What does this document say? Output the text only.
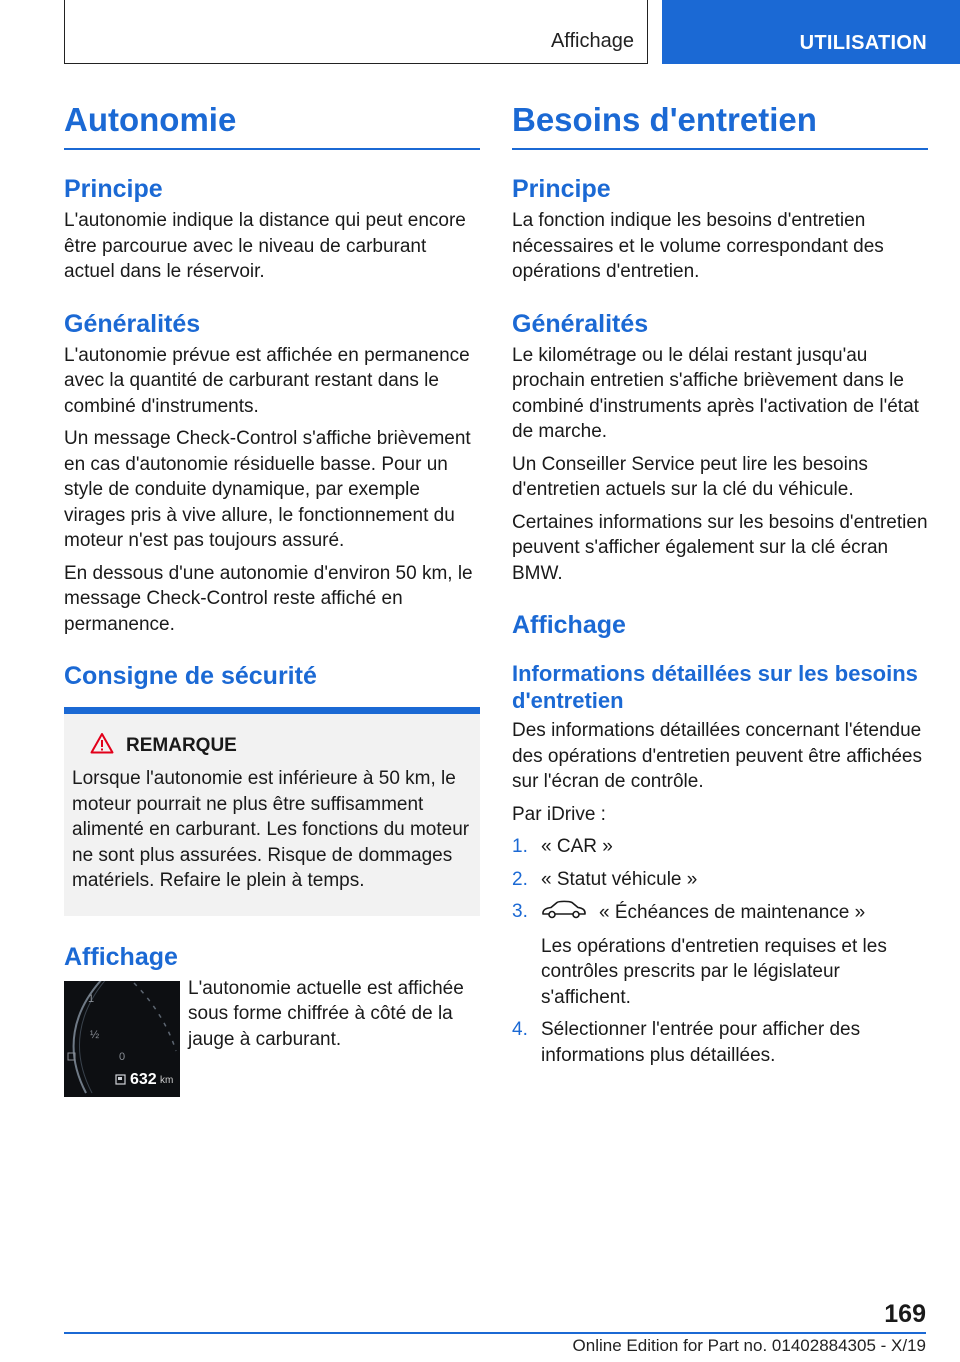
Affichage	UTILISATION
Autonomie
Principe

L'autonomie indique la distance qui peut encore être parcourue avec le niveau de carburant actuel dans le réservoir.

Généralités

L'autonomie prévue est affichée en permanence avec la quantité de carburant restant dans le combiné d'instruments.

Un message Check-Control s'affiche brièvement en cas d'autonomie résiduelle basse. Pour un style de conduite dynamique, par exemple virages pris à vive allure, le fonctionnement du moteur n'est pas toujours assuré.

En dessous d'une autonomie d'environ 50 km, le message Check-Control reste affiché en permanence.

Consigne de sécurité
REMARQUE

Lorsque l'autonomie est inférieure à 50 km, le moteur pourrait ne plus être suffisamment alimenté en carburant. Les fonctions du moteur ne sont plus assurées. Risque de dommages matériels. Refaire le plein à temps.

Affichage
1
½
0
632 km

L'autonomie actuelle est affichée sous forme chiffrée à côté de la jauge à carburant.

Besoins d'entretien
Principe

La fonction indique les besoins d'entretien nécessaires et le volume correspondant des opérations d'entretien.

Généralités

Le kilométrage ou le délai restant jusqu'au prochain entretien s'affiche brièvement dans le combiné d'instruments après l'activation de l'état de marche.

Un Conseiller Service peut lire les besoins d'entretien actuels sur la clé du véhicule.

Certaines informations sur les besoins d'entretien peuvent s'afficher également sur la clé écran BMW.

Affichage
Informations détaillées sur les besoins d'entretien

Des informations détaillées concernant l'étendue des opérations d'entretien peuvent être affichées sur l'écran de contrôle.

Par iDrive :

1. « CAR »
2. « Statut véhicule »
3.	« Échéances de maintenance »
Les opérations d'entretien requises et les contrôles prescrits par le législateur s'affichent.
4. Sélectionner l'entrée pour afficher des informations plus détaillées.
169
Online Edition for Part no. 01402884305 - X/19
